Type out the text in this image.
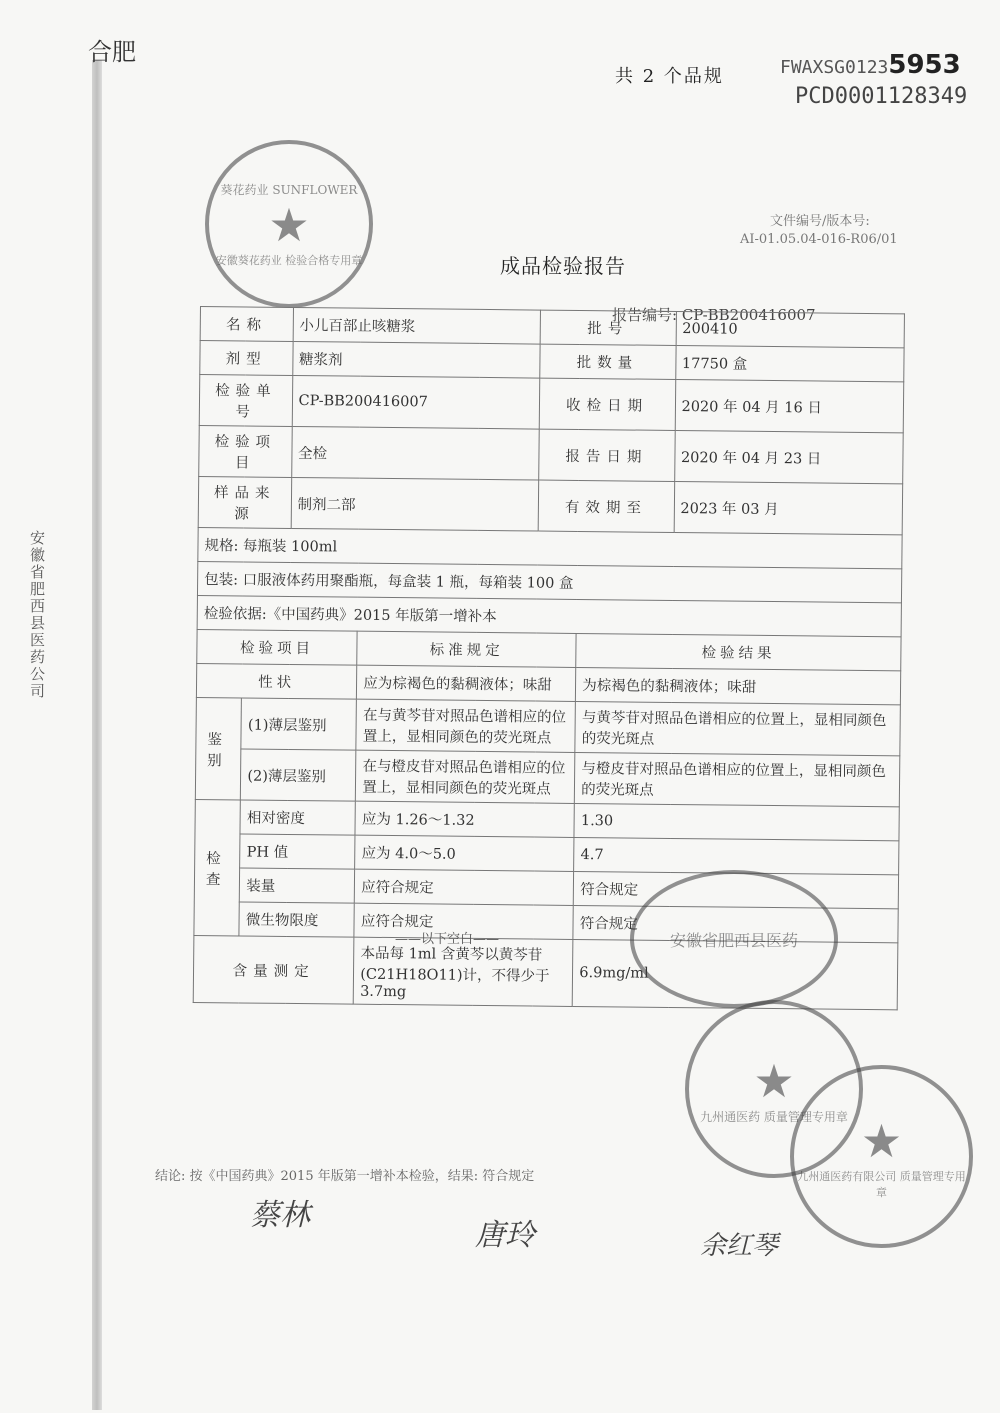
合肥
共 2 个品规	FWAXSG01235953
PCD0001128349
安徽省肥西县医药公司
文件编号/版本号:
AI-01.05.04-016-R06/01
葵花药业 SUNFLOWER
★
安徽葵花药业 检验合格专用章	成品检验报告
报告编号: CP-BB200416007
名称		小儿百部止咳糖浆		批号		200410
剂型		糖浆剂		批数量		17750 盒
检验单号		CP-BB200416007		收检日期		2020 年 04 月 16 日
检验项目		全检		报告日期		2020 年 04 月 23 日
样品来源		制剂二部		有效期至		2023 年 03 月
规格: 每瓶装 100ml						
包装: 口服液体药用聚酯瓶，每盒装 1 瓶，每箱装 100 盒						
检验依据:《中国药典》2015 年版第一增补本						
检验项目			标准规定		检验结果	
性状			应为棕褐色的黏稠液体；味甜		为棕褐色的黏稠液体；味甜	
鉴别	(1)薄层鉴别		在与黄芩苷对照品色谱相应的位置上，显相同颜色的荧光斑点		与黄芩苷对照品色谱相应的位置上，显相同颜色的荧光斑点	
	(2)薄层鉴别		在与橙皮苷对照品色谱相应的位置上，显相同颜色的荧光斑点		与橙皮苷对照品色谱相应的位置上，显相同颜色的荧光斑点	
检查	相对密度		应为 1.26～1.32		1.30	
	PH 值		应为 4.0～5.0		4.7	
	装量		应符合规定		符合规定	
	微生物限度		应符合规定		符合规定	
含量测定			本品每 1ml 含黄芩以黄芩苷(C21H18O11)计，不得少于 3.7mg		6.9mg/ml	
——以下空白——	安徽省肥西县医药
★
九州通医药 质量管理专用章 ★
九州通医药有限公司 质量管理专用章
结论: 按《中国药典》2015 年版第一增补本检验，结果: 符合规定
蔡林
唐玲	余红琴
